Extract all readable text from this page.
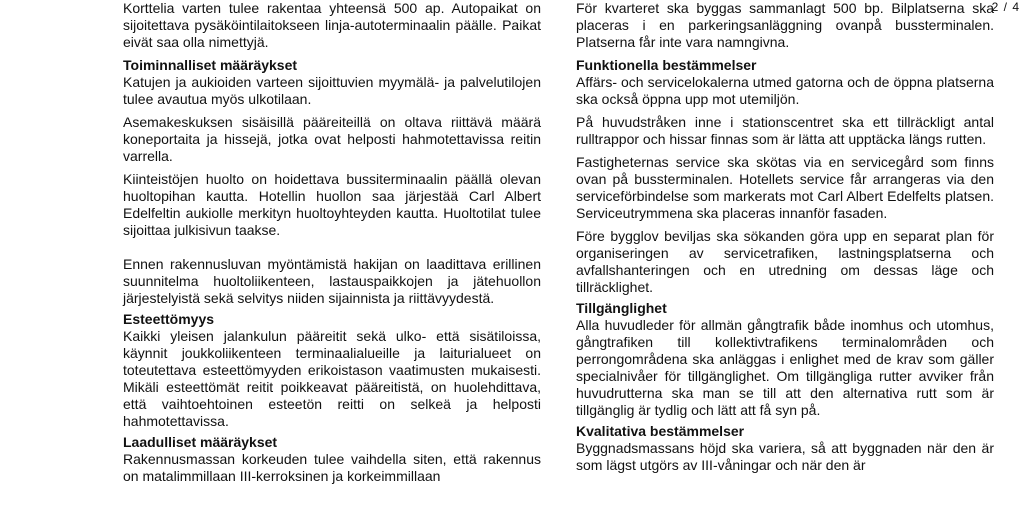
2 / 4
Korttelia varten tulee rakentaa yhteensä 500 ap. Autopaikat on sijoitettava pysäköintilaitokseen linja-autoterminaalin päälle. Paikat eivät saa olla nimettyjä.
Toiminnalliset määräykset
Katujen ja aukioiden varteen sijoittuvien myymälä- ja palvelutilojen tulee avautua myös ulkotilaan.
Asemakeskuksen sisäisillä pääreiteillä on oltava riittävä määrä koneportaita ja hissejä, jotka ovat helposti hahmotettavissa reitin varrella.
Kiinteistöjen huolto on hoidettava bussiterminaalin päällä olevan huoltopihan kautta. Hotellin huollon saa järjestää Carl Albert Edelfeltin aukiolle merkityn huoltoyhteyden kautta. Huoltotilat tulee sijoittaa julkisivun taakse.
Ennen rakennusluvan myöntämistä hakijan on laadittava erillinen suunnitelma huoltoliikenteen, lastauspaikkojen ja jätehuollon järjestelyistä sekä selvitys niiden sijainnista ja riittävyydestä.
Esteettömyys
Kaikki yleisen jalankulun pääreitit sekä ulko- että sisätiloissa, käynnit joukkoliikenteen terminaalialueille ja laiturialueet on toteutettava esteettömyyden erikoistason vaatimusten mukaisesti. Mikäli esteettömät reitit poikkeavat pääreitistä, on huolehdittava, että vaihtoehtoinen esteetön reitti on selkeä ja helposti hahmotettavissa.
Laadulliset määräykset
Rakennusmassan korkeuden tulee vaihdella siten, että rakennus on matalimmillaan III-kerroksinen ja korkeimmillaan
För kvarteret ska byggas sammanlagt 500 bp. Bilplatserna ska placeras i en parkeringsanläggning ovanpå bussterminalen. Platserna får inte vara namngivna.
Funktionella bestämmelser
Affärs- och servicelokalerna utmed gatorna och de öppna platserna ska också öppna upp mot utemiljön.
På huvudstråken inne i stationscentret ska ett tillräckligt antal rulltrappor och hissar finnas som är lätta att upptäcka längs rutten.
Fastigheternas service ska skötas via en servicegård som finns ovan på bussterminalen. Hotellets service får arrangeras via den serviceförbindelse som markerats mot Carl Albert Edelfelts platsen. Serviceutrymmena ska placeras innanför fasaden.
Före bygglov beviljas ska sökanden göra upp en separat plan för organiseringen av servicetrafiken, lastningsplatserna och avfallshanteringen och en utredning om dessas läge och tillräcklighet.
Tillgänglighet
Alla huvudleder för allmän gångtrafik både inomhus och utomhus, gångtrafiken till kollektivtrafikens terminalområden och perrongområdena ska anläggas i enlighet med de krav som gäller specialnivåer för tillgänglighet. Om tillgängliga rutter avviker från huvudrutterna ska man se till att den alternativa rutt som är tillgänglig är tydlig och lätt att få syn på.
Kvalitativa bestämmelser
Byggnadsmassans höjd ska variera, så att byggnaden när den är som lägst utgörs av III-våningar och när den är
